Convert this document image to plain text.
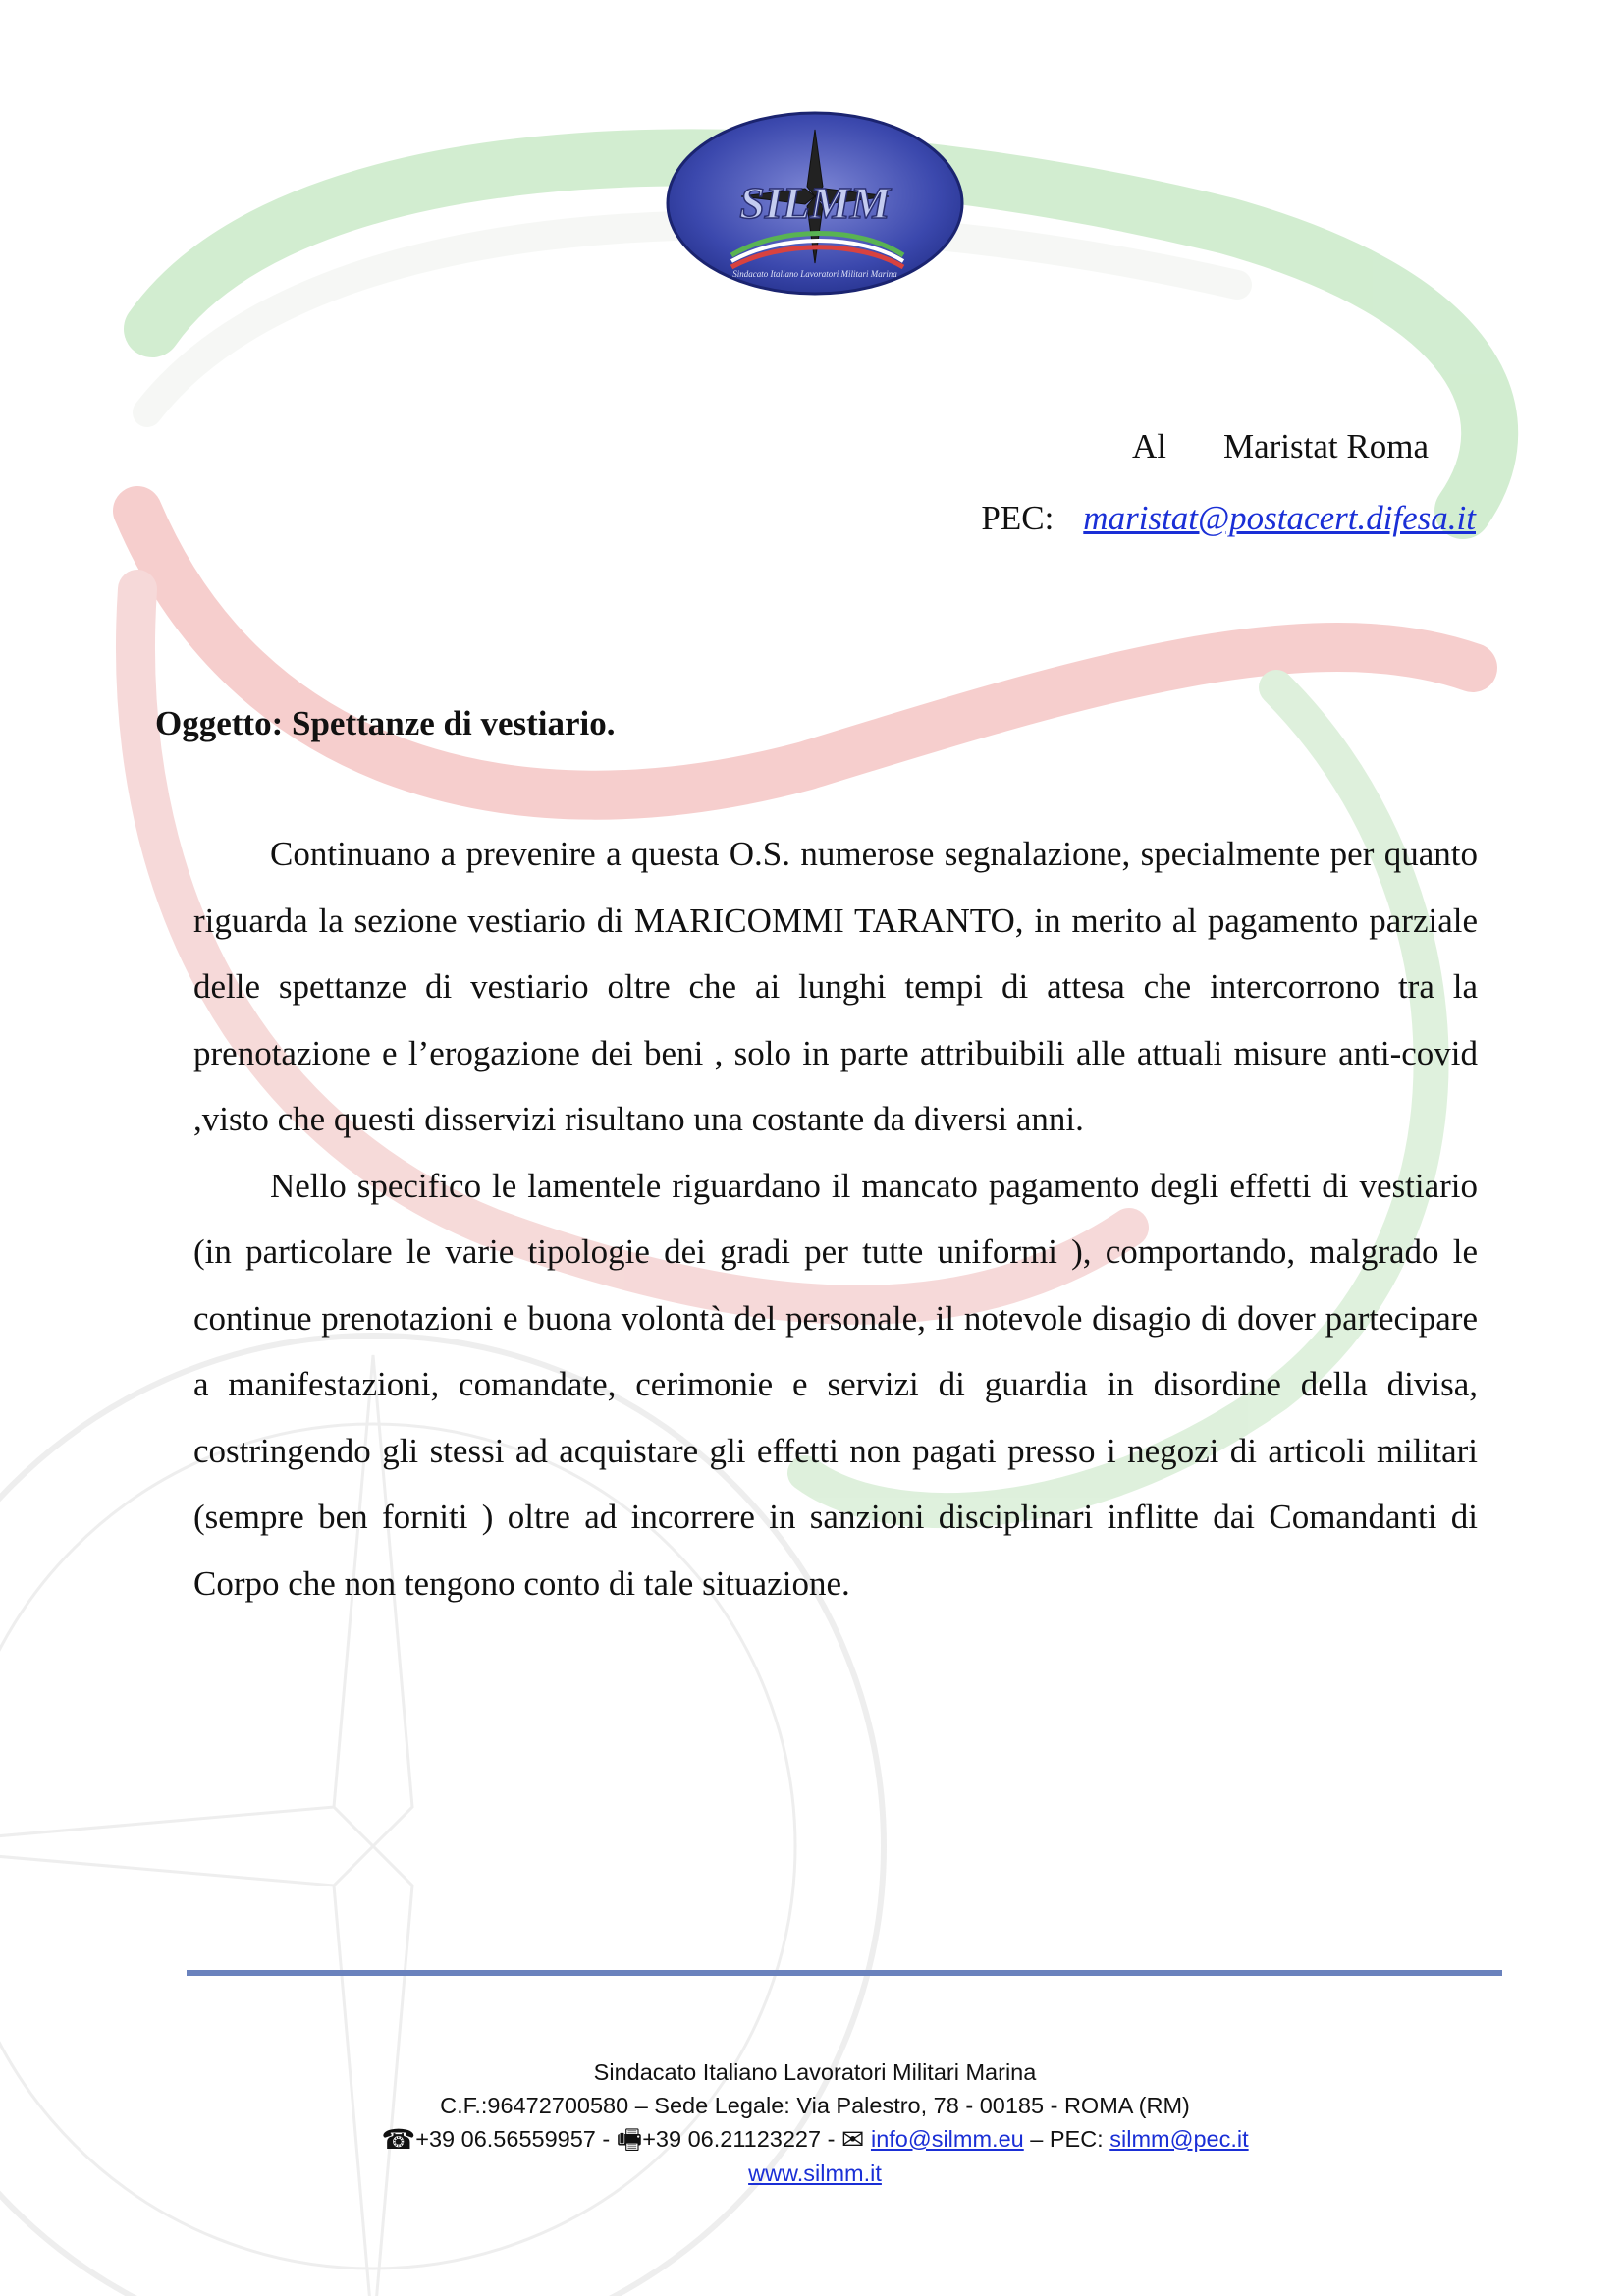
SILMM
Sindacato Italiano Lavoratori Militari Marina
Al Maristat Roma
PEC: maristat@postacert.difesa.it
Oggetto: Spettanze di vestiario.

Continuano a prevenire a questa O.S. numerose segnalazione, specialmente per quanto riguarda la sezione vestiario di MARICOMMI TARANTO, in merito al pagamento parziale delle spettanze di vestiario oltre che ai lunghi tempi di attesa che intercorrono tra la prenotazione e l’erogazione dei beni , solo in parte attribuibili alle attuali misure anti-covid ,visto che questi disservizi risultano una costante da diversi anni.

Nello specifico le lamentele riguardano il mancato pagamento degli effetti di vestiario (in particolare le varie tipologie dei gradi per tutte uniformi ), comportando, malgrado le continue prenotazioni e buona volontà del personale, il notevole disagio di dover partecipare a manifestazioni, comandate, cerimonie e servizi di guardia in disordine della divisa, costringendo gli stessi ad acquistare gli effetti non pagati presso i negozi di articoli militari (sempre ben forniti ) oltre ad incorrere in sanzioni disciplinari inflitte dai Comandanti di Corpo che non tengono conto di tale situazione.

Sindacato Italiano Lavoratori Militari Marina
C.F.:96472700580 – Sede Legale: Via Palestro, 78 - 00185 - ROMA (RM)
☎+39 06.56559957 - 🖷+39 06.21123227 - ✉ info@silmm.eu – PEC: silmm@pec.it
www.silmm.it
